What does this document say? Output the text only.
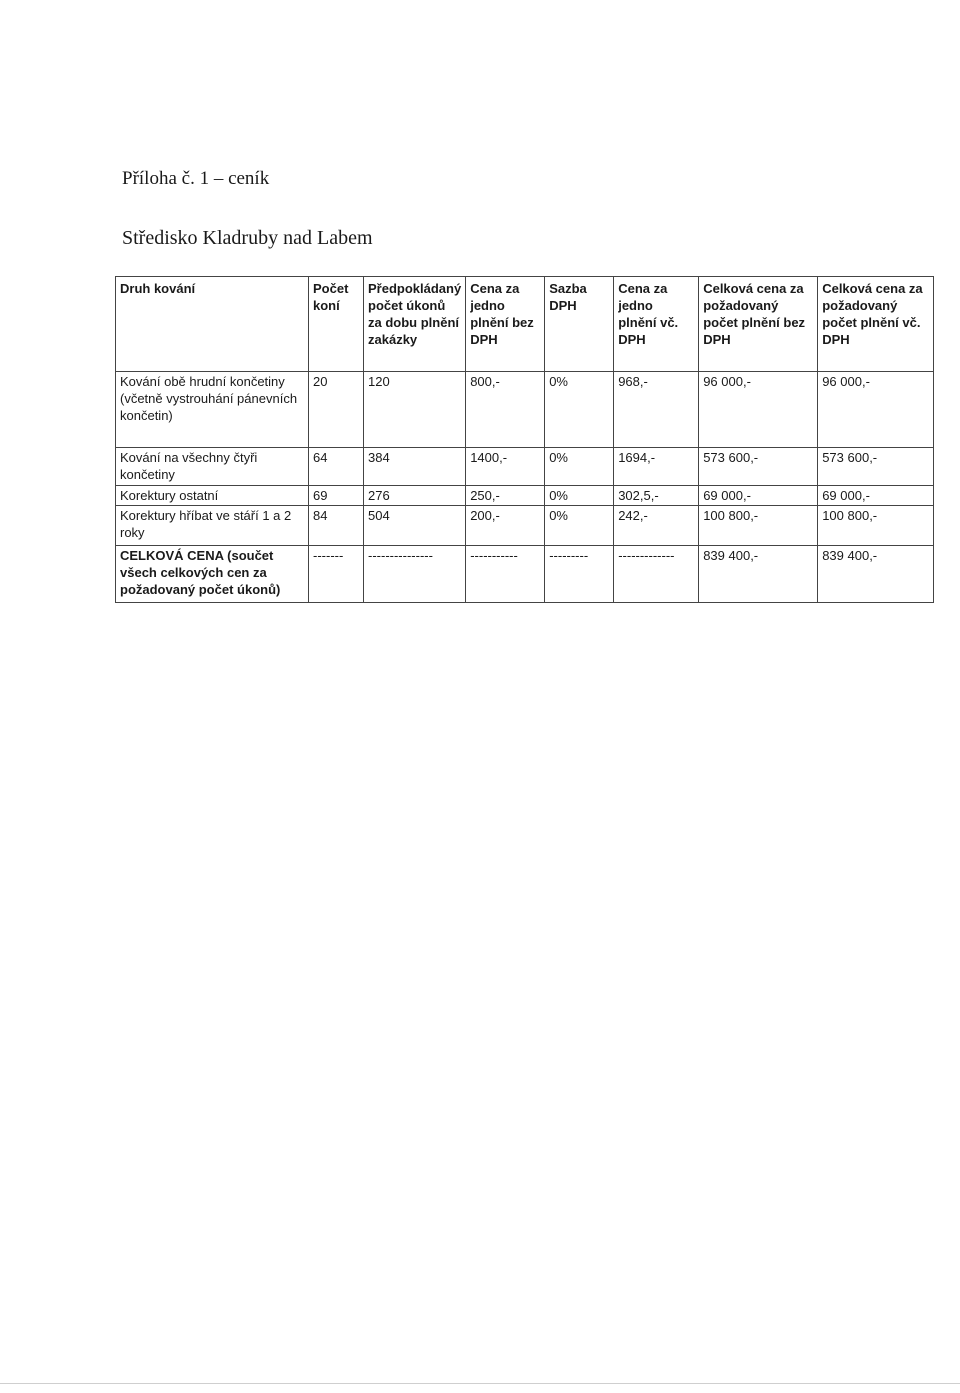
Příloha č. 1 – ceník
Středisko Kladruby nad Labem
Druh kování	Počet koní	Předpokládaný počet úkonů za dobu plnění zakázky	Cena za jedno plnění bez DPH	Sazba DPH	Cena za jedno plnění vč. DPH	Celková cena za požadovaný počet plnění bez DPH	Celková cena za požadovaný počet plnění vč. DPH
Kování obě hrudní končetiny (včetně vystrouhání pánevních končetin)	20	120	800,-	0%	968,-	96 000,-	96 000,-
Kování na všechny čtyři končetiny	64	384	1400,-	0%	1694,-	573 600,-	573 600,-
Korektury ostatní	69	276	250,-	0%	302,5,-	69 000,-	69 000,-
Korektury hříbat ve stáří 1 a 2 roky	84	504	200,-	0%	242,-	100 800,-	100 800,-
CELKOVÁ CENA (součet všech celkových cen za požadovaný počet úkonů)	-------	---------------	-----------	---------	-------------	839 400,-	839 400,-
